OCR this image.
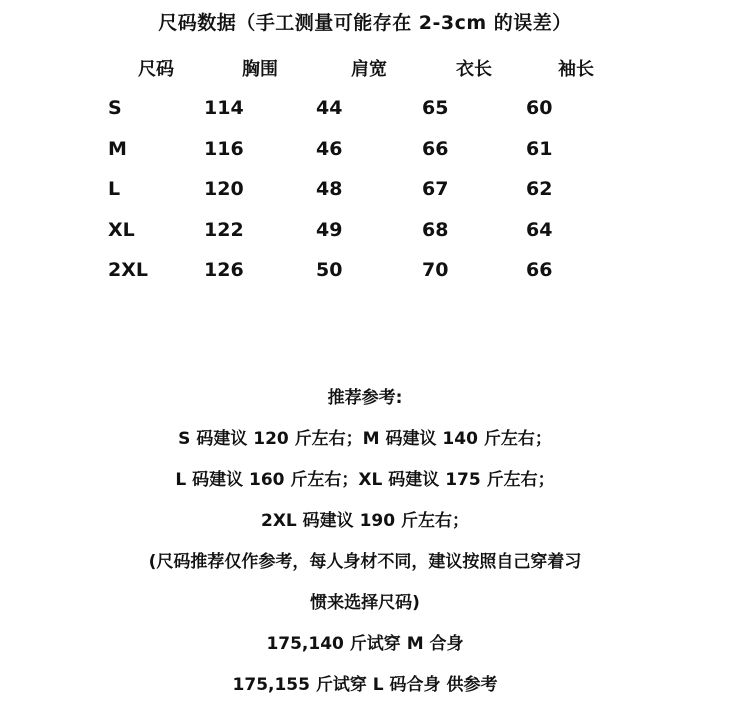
尺码数据（手工测量可能存在 2-3cm 的误差）
尺码	胸围	肩宽	衣长	袖长
S	114	44	65	60
M	116	46	66	61
L	120	48	67	62
XL	122	49	68	64
2XL	126	50	70	66
推荐参考:
S 码建议 120 斤左右；M 码建议 140 斤左右；
L 码建议 160 斤左右；XL 码建议 175 斤左右；
2XL 码建议 190 斤左右；
(尺码推荐仅作参考，每人身材不同，建议按照自己穿着习
惯来选择尺码)
175,140 斤试穿 M 合身
175,155 斤试穿 L 码合身 供参考
